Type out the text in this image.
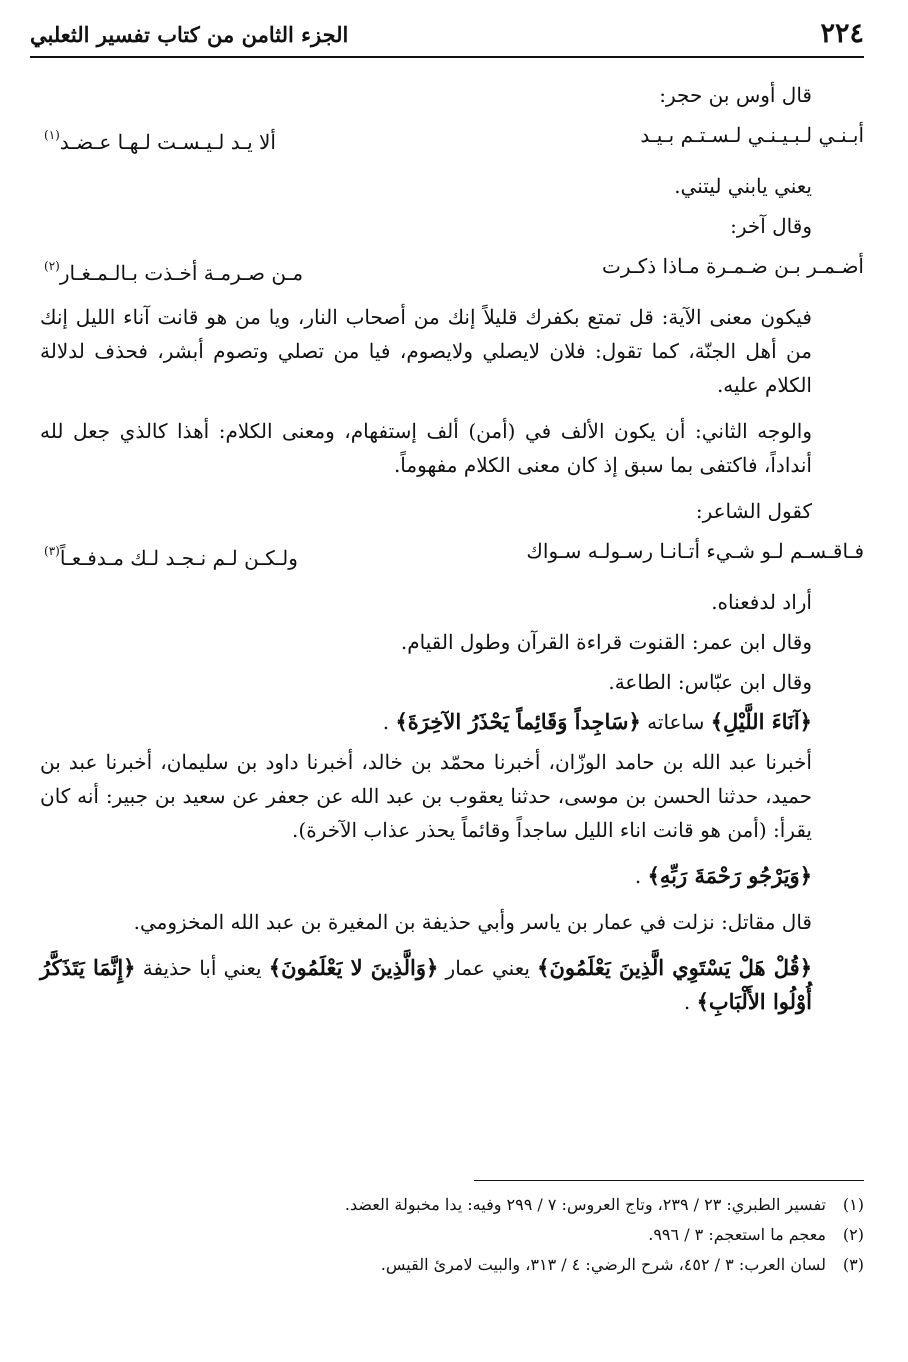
٢٢٤
الجزء الثامن من كتاب تفسير الثعلبي
قال أوس بن حجر:
أبـنـي لـبـيـنـي لـسـتـم بـيـد
ألا يـد لـيـسـت لـهـا عـضـد$^{(١)}$
يعني يابني ليتني.
وقال آخر:
أضـمـر بـن ضـمـرة مـاذا ذكـرت
مـن صـرمـة أخـذت بـالـمـغـار$^{(٢)}$
فيكون معنى الآية: قل تمتع بكفرك قليلاً إنك من أصحاب النار، ويا من هو قانت آناء الليل إنك من أهل الجنّة، كما تقول: فلان لايصلي ولايصوم، فيا من تصلي وتصوم أبشر، فحذف لدلالة الكلام عليه.
والوجه الثاني: أن يكون الألف في (أمن) ألف إستفهام، ومعنى الكلام: أهذا كالذي جعل لله أنداداً، فاكتفى بما سبق إذ كان معنى الكلام مفهوماً.
كقول الشاعر:
فـاقـسـم لـو شـيء أتـانـا رسـولـه سـواك
ولـكـن لـم نـجـد لـك مـدفـعـاً$^{(٣)}$
أراد لدفعناه.
وقال ابن عمر: القنوت قراءة القرآن وطول القيام.
وقال ابن عبّاس: الطاعة.
﴿آنَاءَ اللَّيْلِ﴾ ساعاته ﴿سَاجِداً وَقَائِماً يَحْذَرُ الآخِرَةَ﴾ .
أخبرنا عبد الله بن حامد الوزّان، أخبرنا محمّد بن خالد، أخبرنا داود بن سليمان، أخبرنا عبد بن حميد، حدثنا الحسن بن موسى، حدثنا يعقوب بن عبد الله عن جعفر عن سعيد بن جبير: أنه كان يقرأ: (أمن هو قانت اناء الليل ساجداً وقائماً يحذر عذاب الآخرة).
﴿وَيَرْجُو رَحْمَةَ رَبِّهِ﴾ .
قال مقاتل: نزلت في عمار بن ياسر وأبي حذيفة بن المغيرة بن عبد الله المخزومي.
﴿قُلْ هَلْ يَسْتَوِي الَّذِينَ يَعْلَمُونَ﴾ يعني عمار ﴿وَالَّذِينَ لا يَعْلَمُونَ﴾ يعني أبا حذيفة ﴿إِنَّمَا يَتَذَكَّرُ أُوْلُوا الأَلْبَابِ﴾ .
(١)
تفسير الطبري: ٢٣ / ٢٣٩، وتاج العروس: ٧ / ٢٩٩ وفيه: يدا مخبولة العضد.
(٢)
معجم ما استعجم: ٣ / ٩٩٦.
(٣)
لسان العرب: ٣ / ٤٥٢، شرح الرضي: ٤ / ٣١٣، والبيت لامرئ القيس.
